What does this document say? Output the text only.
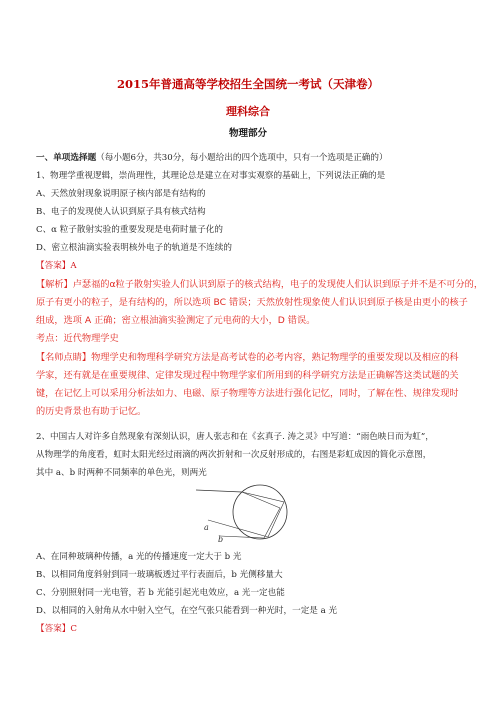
2015年普通高等学校招生全国统一考试（天津卷）
理科综合
物理部分
一、单项选择题（每小题6分，共30分，每小题给出的四个选项中，只有一个选项是正确的）
1、物理学重视逻辑，崇尚理性，其理论总是建立在对事实观察的基础上，下列说法正确的是
A、天然放射现象说明原子核内部是有结构的
B、电子的发现使人认识到原子具有核式结构
C、α 粒子散射实验的重要发现是电荷时量子化的
D、密立根油滴实验表明核外电子的轨道是不连续的
【答案】A
【解析】卢瑟福的α粒子散射实验人们认识到原子的核式结构，电子的发现使人们认识到原子并不是不可分的，
原子有更小的粒子，是有结构的，所以选项 BC 错误；天然放射性现象使人们认识到原子核是由更小的核子
组成，选项 A 正确；密立根油滴实验测定了元电荷的大小，D 错误。
考点：近代物理学史
【名师点睛】物理学史和物理科学研究方法是高考试卷的必考内容，熟记物理学的重要发现以及相应的科
学家，还有就是在重要规律、定律发现过程中物理学家们所用到的科学研究方法是正确解答这类试题的关
键，在记忆上可以采用分析法如力、电磁、原子物理等方法进行强化记忆，同时，了解在性、规律发现时
的历史背景也有助于记忆。
2、中国古人对许多自然现象有深刻认识，唐人张志和在《玄真子. 涛之灵》中写道：“雨色映日而为虹”，
从物理学的角度看，虹时太阳光经过雨滴的两次折射和一次反射形成的，右图是彩虹成因的简化示意图，
其中 a、b 时两种不同频率的单色光，则两光
a
b
A、在同种玻璃种传播，a 光的传播速度一定大于 b 光
B、以相同角度斜射到同一玻璃板透过平行表面后，b 光侧移量大
C、分别照射同一光电管，若 b 光能引起光电效应，a 光一定也能
D、以相同的入射角从水中射入空气，在空气张只能看到一种光时，一定是 a 光
【答案】C
